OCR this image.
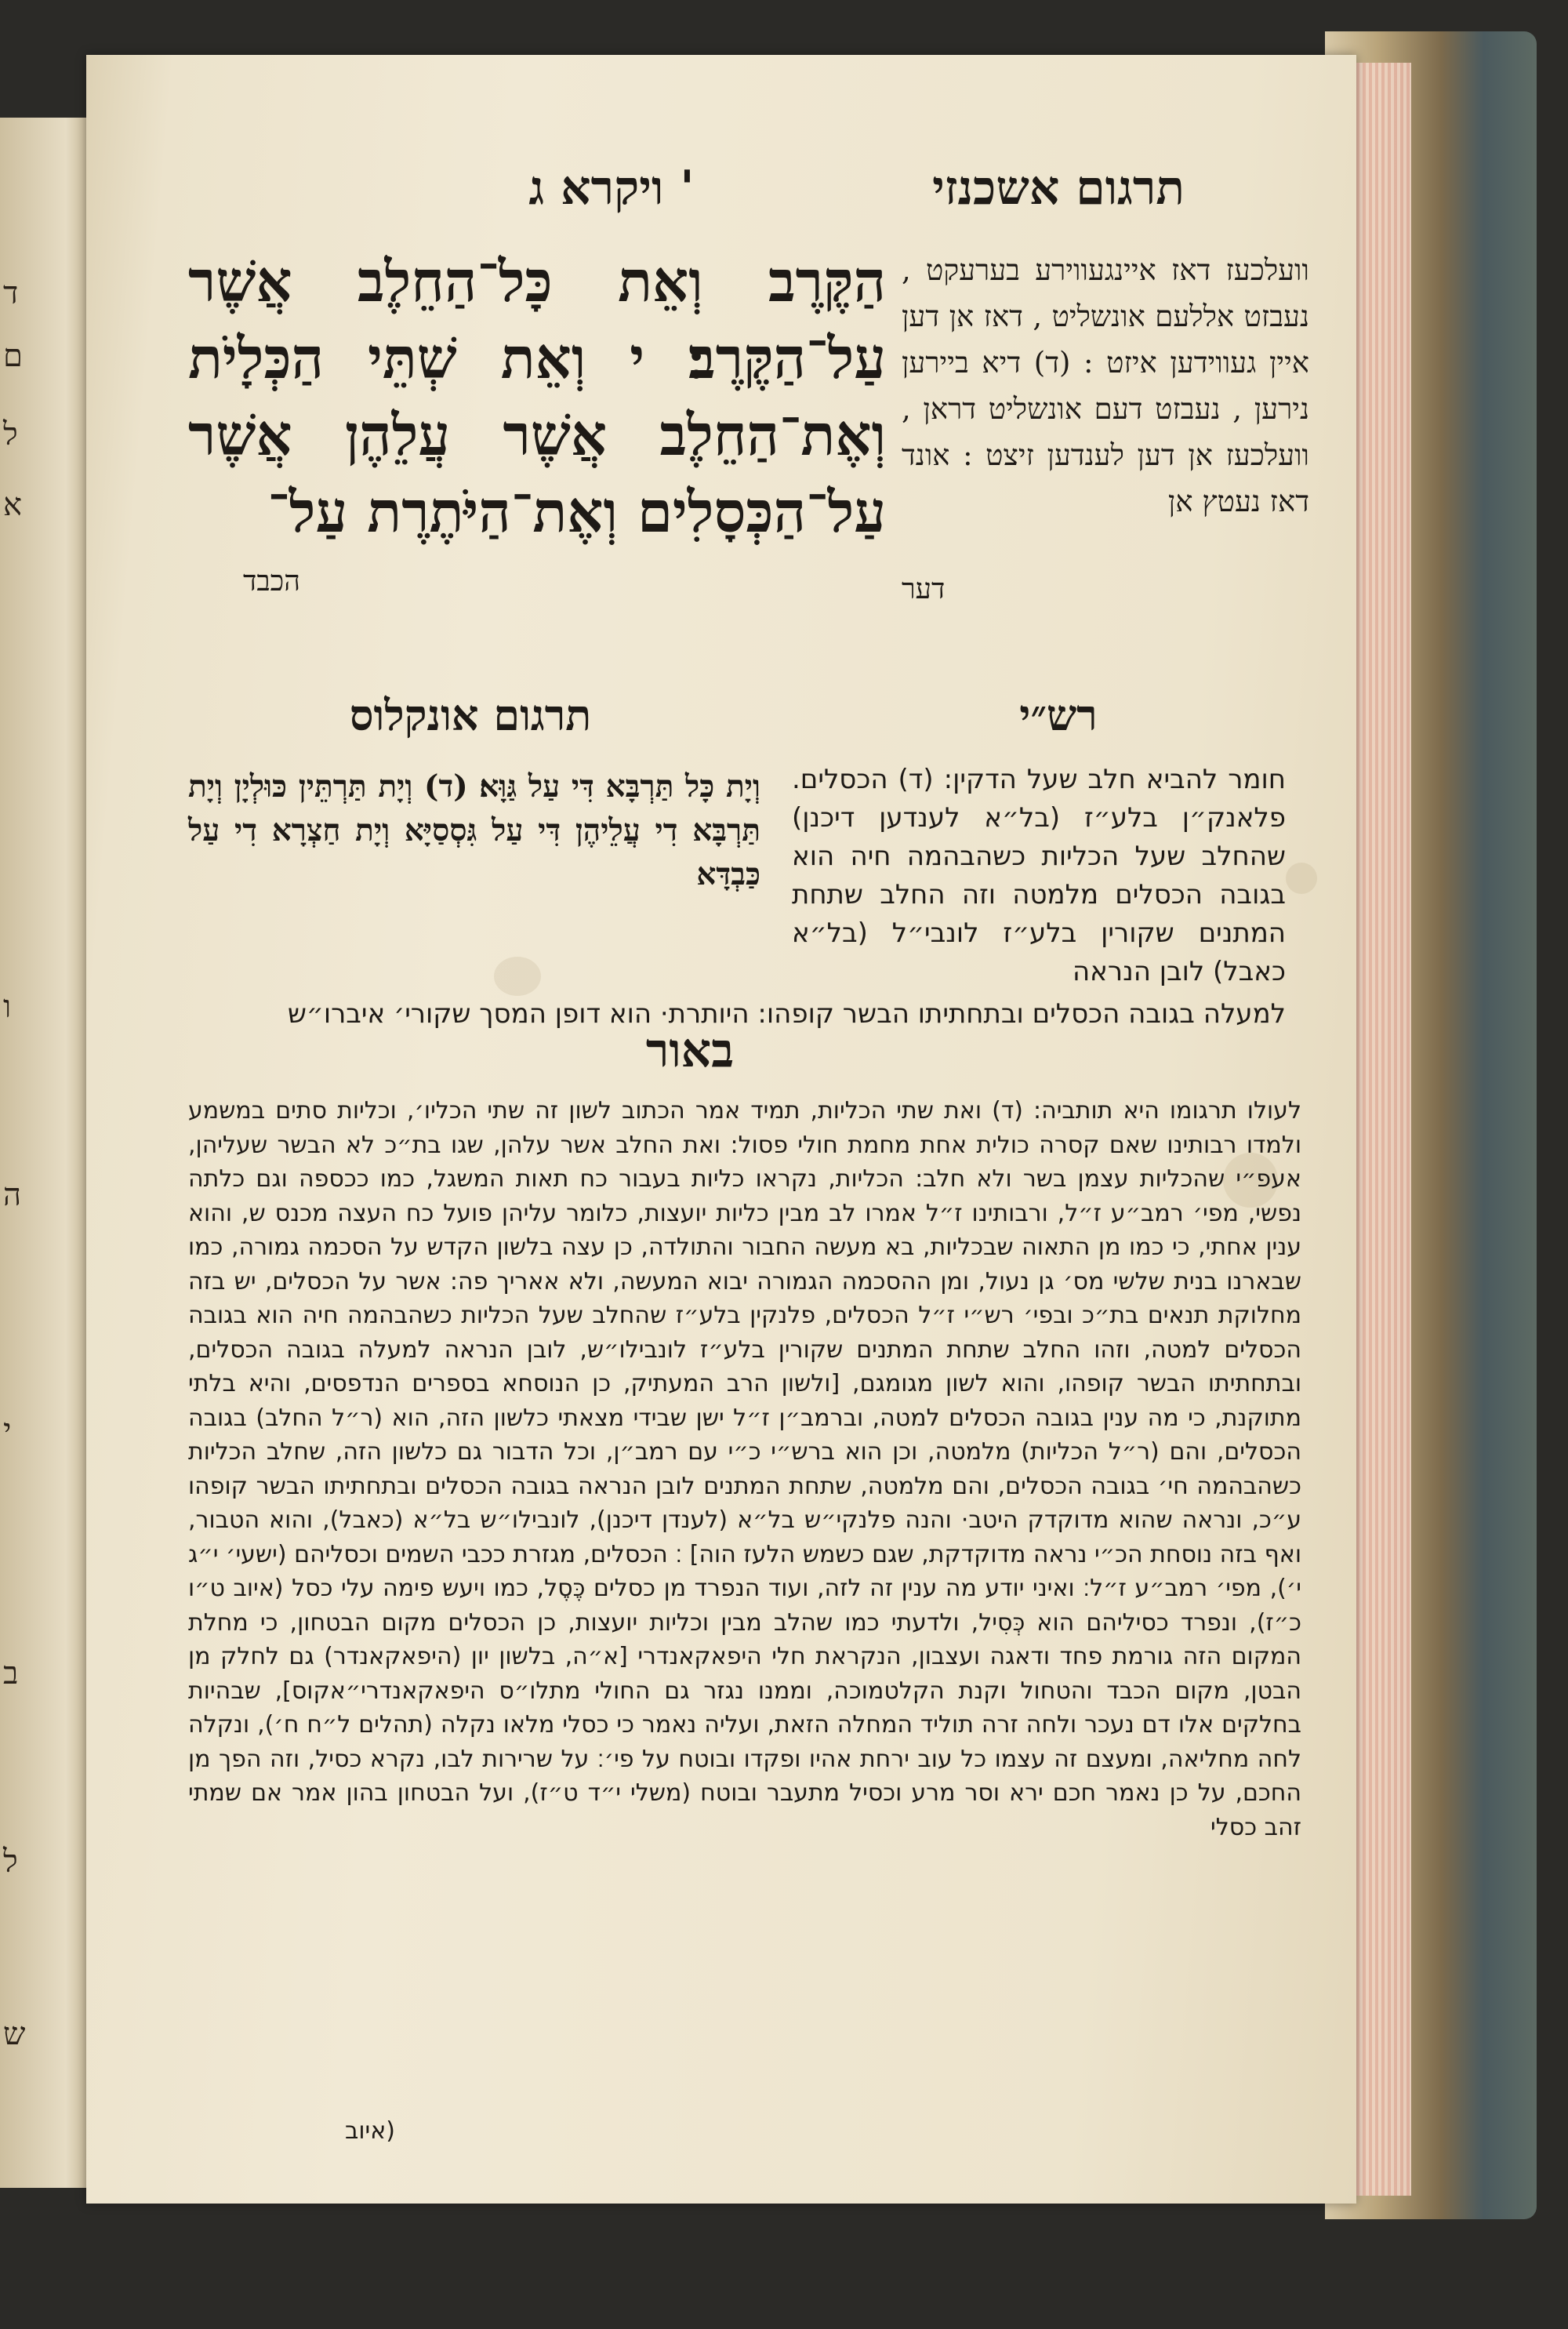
ד
ם
ל
א
ו
ה
י
ב
ל
ש
' ויקרא ג	תרגום אשכנזי
הַקֶּרֶב וְאֵת כָּל־הַחֵלֶב אֲשֶׁר עַל־הַקֶּרֶב׃ י וְאֵת שְׁתֵּי הַכְּלָיֹת וְאֶת־הַחֵלֶב אֲשֶׁר עֲלֵהֶן אֲשֶׁר עַל־הַכְּסָלִים וְאֶת־הַיֹּתֶרֶת עַל־
הכבד
וועלכעז דאז איינגעווירע בערעקט , נעבזט אללעם אונשליט , דאז אן דען איין געווידען איזט : (ד) דיא ביירען נירען , נעבזט דעם אונשליט דראן , וועלכעז אן דען לענדען זיצט : אונד דאז נעטץ אן
דער
רש״י
תרגום אונקלוס
חומר להביא חלב שעל הדקין: (ד) הכסלים. פלאנק״ן בלע״ז (בל״א לענדען דיכנן) שהחלב שעל הכליות כשהבהמה חיה הוא בגובה הכסלים מלמטה וזה החלב שתחת המתנים שקורין בלע״ז לונבי״ל (בל״א כאבל) לובן הנראה
וְיָת כָּל תַּרְבָּא דִּי עַל גַּוָּא׃ (ד) וְיָת תַּרְתֵּין כּוּלְיָן וְיָת תַּרְבָּא דִי עֲלֵיהֶן דִּי עַל גִּסְסַיָּא וְיָת חַצְרָא דִי עַל כַּבְדָּא
למעלה בגובה הכסלים ובתחתיתו הבשר קופהו: היותרת· הוא דופן המסך שקורי׳ איברו״ש
באור

לעולו תרגומו היא תותביה: (ד) ואת שתי הכליות, תמיד אמר הכתוב לשון זה שתי הכליו׳, וכליות סתים במשמע ולמדו רבותינו שאם קסרה כולית אחת מחמת חולי פסול: ואת החלב אשר עלהן, שגו בת״כ לא הבשר שעליהן, אעפ״י שהכליות עצמן בשר ולא חלב: הכליות, נקראו כליות בעבור כח תאות המשגל, כמו ככספה וגם כלתה נפשי, מפי׳ רמב״ע ז״ל, ורבותינו ז״ל אמרו לב מבין כליות יועצות, כלומר עליהן פועל כח העצה מכנס ש, והוא ענין אחתי, כי כמו מן התאוה שבכליות, בא מעשה החבור והתולדה, כן עצה בלשון הקדש על הסכמה גמורה, כמו שבארנו בנית שלשי מס׳ גן נעול, ומן ההסכמה הגמורה יבוא המעשה, ולא אאריך פה: אשר על הכסלים, יש בזה מחלוקת תנאים בת״כ ובפי׳ רש״י ז״ל הכסלים, פלנקין בלע״ז שהחלב שעל הכליות כשהבהמה חיה הוא בגובה הכסלים למטה, וזהו החלב שתחת המתנים שקורין בלע״ז לונבילו״ש, לובן הנראה למעלה בגובה הכסלים, ובתחתיתו הבשר קופהו, והוא לשון מגומגם, [ולשון הרב המעתיק, כן הנוסחא בספרים הנדפסים, והיא בלתי מתוקנת, כי מה ענין בגובה הכסלים למטה, וברמב״ן ז״ל ישן שבידי מצאתי כלשון הזה, הוא (ר״ל החלב) בגובה הכסלים, והם (ר״ל הכליות) מלמטה, וכן הוא ברש״י כ״י עם רמב״ן, וכל הדבור גם כלשון הזה, שחלב הכליות כשהבהמה חי׳ בגובה הכסלים, והם מלמטה, שתחת המתנים לובן הנראה בגובה הכסלים ובתחתיתו הבשר קופהו ע״כ, ונראה שהוא מדוקדק היטב· והנה פלנקי״ש בל״א (לענדן דיכנן), לונבילו״ש בל״א (כאבל), והוא הטבור, ואף בזה נוסחת הכ״י נראה מדוקדקת, שגם כשמש הלעז הוה] ׃ הכסלים, מגזרת ככבי השמים וכסליהם (ישעי׳ י״ג י׳), מפי׳ רמב״ע ז״ל׃ ואיני יודע מה ענין זה לזה, ועוד הנפרד מן כסלים כֶּסֶל, כמו ויעש פימה עלי כסל (איוב ט״ו כ״ז), ונפרד כסיליהם הוא כְּסִיל, ולדעתי כמו שהלב מבין וכליות יועצות, כן הכסלים מקום הבטחון, כי מחלת המקום הזה גורמת פחד ודאגה ועצבון, הנקראת חלי היפאקאנדרי [א״ה, בלשון יון (היפאקאנדר) גם לחלק מן הבטן, מקום הכבד והטחול וקנת הקלטמוכה, וממנו נגזר גם החולי מתלו״ס היפאקאנדרי״אקוס], שבהיות בחלקים אלו דם נעכר ולחה זרה תוליד המחלה הזאת, ועליה נאמר כי כסלי מלאו נקלה (תהלים ל״ח ח׳), ונקלה לחה מחליאה, ומעצם זה עצמו כל עוב ירחת אהיו ופקדו ובוטח על פי׳׃ על שרירות לבו, נקרא כסיל, וזה הפך מן החכם, על כן נאמר חכם ירא וסר מרע וכסיל מתעבר ובוטח (משלי י״ד ט״ז), ועל הבטחון בהון אמר אם שמתי זהב כסלי

(איוב
